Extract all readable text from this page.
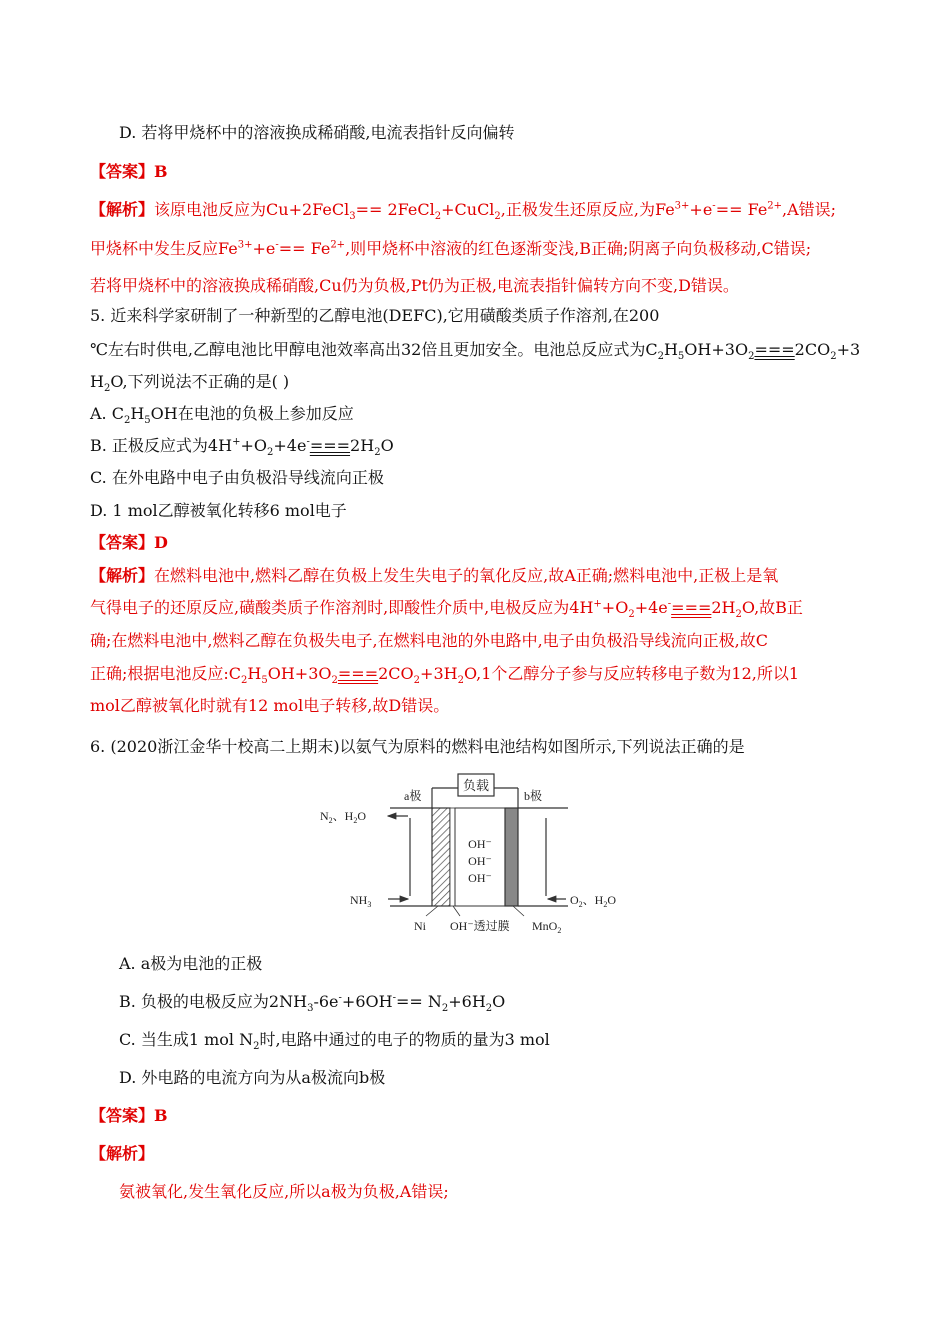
D. 若将甲烧杯中的溶液换成稀硝酸,电流表指针反向偏转
【答案】B
【解析】该原电池反应为Cu+2FeCl$_3$== 2FeCl$_2$+CuCl$_2$,正极发生还原反应,为$Fe^{3+}+e^-== Fe^{2+},A$错误;
甲烧杯中发生反应$Fe^{3+}+e^-== Fe^{2+}$,则甲烧杯中溶液的红色逐渐变浅,B正确;阴离子向负极移动,C错误;
若将甲烧杯中的溶液换成稀硝酸,Cu仍为负极,Pt仍为正极,电流表指针偏转方向不变,D错误。
5. 近来科学家研制了一种新型的乙醇电池(DEFC),它用磺酸类质子作溶剂,在200
℃左右时供电,乙醇电池比甲醇电池效率高出32倍且更加安全。电池总反应式为$C_2H_5OH+3O_2===2CO_2+3$
$H_2O$,下列说法不正确的是( )
A. $C_2H_5OH$在电池的负极上参加反应
B. 正极反应式为$4H^++O_2+4e^-===2H_2O$
C. 在外电路中电子由负极沿导线流向正极
D. 1 mol乙醇被氧化转移6 mol电子
【答案】D
【解析】在燃料电池中,燃料乙醇在负极上发生失电子的氧化反应,故A正确;燃料电池中,正极上是氧
气得电子的还原反应,磺酸类质子作溶剂时,即酸性介质中,电极反应为$4H^++O_2+4e^-===2H_2O$,故B正
确;在燃料电池中,燃料乙醇在负极失电子,在燃料电池的外电路中,电子由负极沿导线流向正极,故C
正确;根据电池反应$:C_2H_5OH+3O_2===2CO_2+3H_2O,1$个乙醇分子参与反应转移电子数为12,所以1
mol乙醇被氧化时就有12 mol电子转移,故D错误。
6. (2020浙江金华十校高二上期末)以氨气为原料的燃料电池结构如图所示,下列说法正确的是
负载
a极	b极
OH⁻
OH⁻
OH⁻
$N_2$、$H_2O$
$NH_3$	$O_2$、$H_2O$
Ni OH⁻透过膜 MnO$_2$
A. a极为电池的正极
B. 负极的电极反应为$2NH_3-6e^-+6OH^-== N_2+6H_2O$
C. 当生成1 mol $N_2$时,电路中通过的电子的物质的量为3 mol
D. 外电路的电流方向为从a极流向b极
【答案】B
【解析】
氨被氧化,发生氧化反应,所以a极为负极,A错误;
